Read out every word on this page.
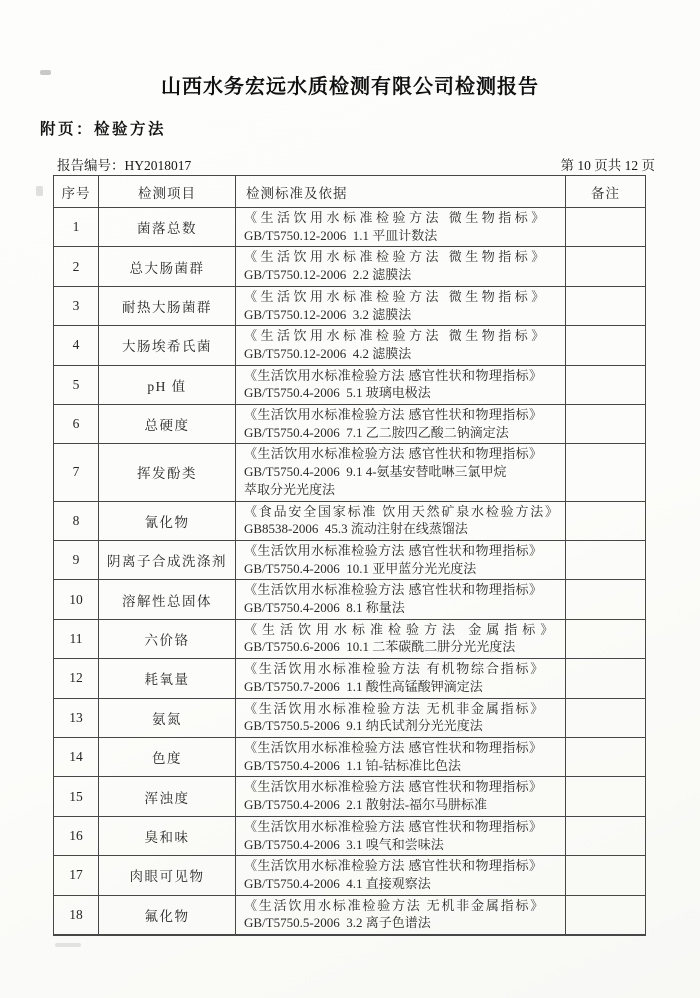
山西水务宏远水质检测有限公司检测报告
附页：检验方法
报告编号：HY2018017	第 10 页共 12 页
序号	检测项目	检测标准及依据	备注
1	菌落总数
《生活饮用水标准检验方法 微生物指标》
GB/T5750.12-2006  1.1 平皿计数法
2	总大肠菌群
《生活饮用水标准检验方法 微生物指标》
GB/T5750.12-2006  2.2 滤膜法
3	耐热大肠菌群
《生活饮用水标准检验方法 微生物指标》
GB/T5750.12-2006  3.2 滤膜法
4	大肠埃希氏菌
《生活饮用水标准检验方法 微生物指标》
GB/T5750.12-2006  4.2 滤膜法
5	pH 值
《生活饮用水标准检验方法 感官性状和物理指标》
GB/T5750.4-2006  5.1 玻璃电极法
6	总硬度
《生活饮用水标准检验方法 感官性状和物理指标》
GB/T5750.4-2006  7.1 乙二胺四乙酸二钠滴定法
7	挥发酚类
《生活饮用水标准检验方法 感官性状和物理指标》
GB/T5750.4-2006  9.1 4-氨基安替吡啉三氯甲烷
萃取分光光度法
8	氰化物
《食品安全国家标准 饮用天然矿泉水检验方法》
GB8538-2006  45.3 流动注射在线蒸馏法
9	阴离子合成洗涤剂
《生活饮用水标准检验方法 感官性状和物理指标》
GB/T5750.4-2006  10.1 亚甲蓝分光光度法
10	溶解性总固体
《生活饮用水标准检验方法 感官性状和物理指标》
GB/T5750.4-2006  8.1 称量法
11	六价铬
《生活饮用水标准检验方法 金属指标》
GB/T5750.6-2006  10.1 二苯碳酰二肼分光光度法
12	耗氧量
《生活饮用水标准检验方法 有机物综合指标》
GB/T5750.7-2006  1.1 酸性高锰酸钾滴定法
13	氨氮
《生活饮用水标准检验方法 无机非金属指标》
GB/T5750.5-2006  9.1 纳氏试剂分光光度法
14	色度
《生活饮用水标准检验方法 感官性状和物理指标》
GB/T5750.4-2006  1.1 铂-钴标准比色法
15	浑浊度
《生活饮用水标准检验方法 感官性状和物理指标》
GB/T5750.4-2006  2.1 散射法-福尔马肼标准
16	臭和味
《生活饮用水标准检验方法 感官性状和物理指标》
GB/T5750.4-2006  3.1 嗅气和尝味法
17	肉眼可见物
《生活饮用水标准检验方法 感官性状和物理指标》
GB/T5750.4-2006  4.1 直接观察法
18	氟化物
《生活饮用水标准检验方法 无机非金属指标》
GB/T5750.5-2006  3.2 离子色谱法
